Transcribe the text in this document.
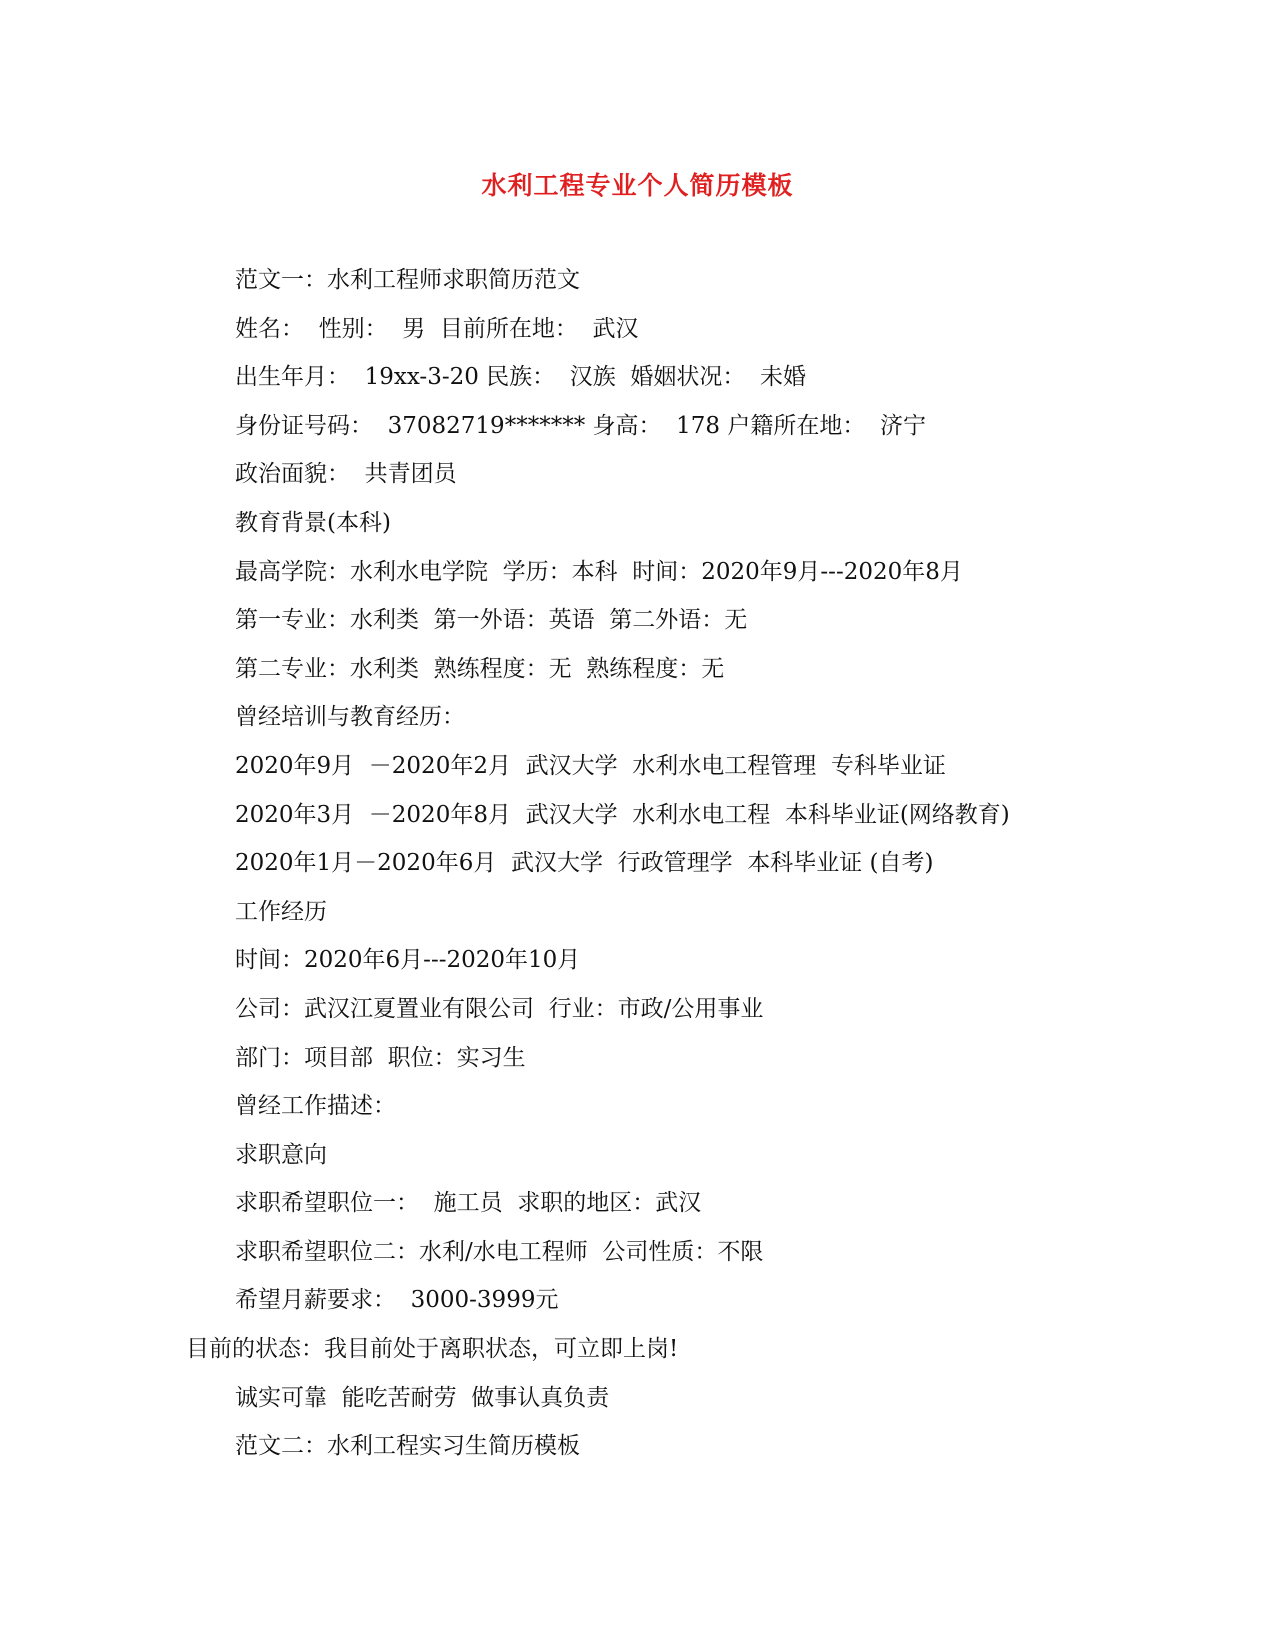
水利工程专业个人简历模板
范文一：水利工程师求职简历范文
姓名：  性别：  男  目前所在地：  武汉
出生年月：  19xx-3-20 民族：  汉族  婚姻状况：  未婚
身份证号码：  37082719******* 身高：  178 户籍所在地：  济宁
政治面貌：  共青团员
教育背景(本科)
最高学院：水利水电学院  学历：本科  时间：2020年9月---2020年8月
第一专业：水利类  第一外语：英语  第二外语：无
第二专业：水利类  熟练程度：无  熟练程度：无
曾经培训与教育经历：
2020年9月  －2020年2月  武汉大学  水利水电工程管理  专科毕业证
2020年3月  －2020年8月  武汉大学  水利水电工程  本科毕业证(网络教育)
2020年1月－2020年6月  武汉大学  行政管理学  本科毕业证 (自考)
工作经历
时间：2020年6月---2020年10月
公司：武汉江夏置业有限公司  行业：市政/公用事业
部门：项目部  职位：实习生
曾经工作描述：
求职意向
求职希望职位一：  施工员  求职的地区：武汉
求职希望职位二：水利/水电工程师  公司性质：不限
希望月薪要求：  3000-3999元
目前的状态：我目前处于离职状态，可立即上岗!
诚实可靠  能吃苦耐劳  做事认真负责
范文二：水利工程实习生简历模板
